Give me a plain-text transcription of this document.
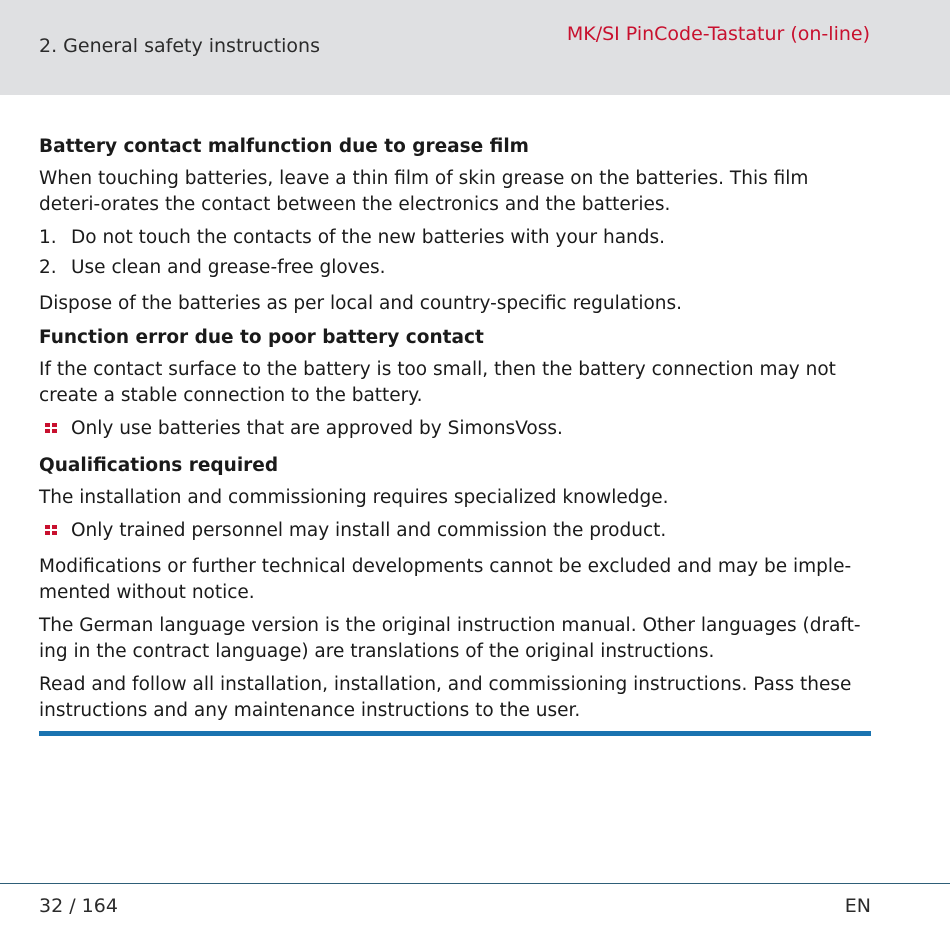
2. General safety instructions
MK/SI PinCode-Tastatur (on-line)
Battery contact malfunction due to grease film
When touching batteries, leave a thin film of skin grease on the batteries. This film deteri-orates the contact between the electronics and the batteries.
1. Do not touch the contacts of the new batteries with your hands.
2. Use clean and grease-free gloves.
Dispose of the batteries as per local and country-specific regulations.
Function error due to poor battery contact
If the contact surface to the battery is too small, then the battery connection may not create a stable connection to the battery.
Only use batteries that are approved by SimonsVoss.
Qualifications required
The installation and commissioning requires specialized knowledge.
Only trained personnel may install and commission the product.
Modifications or further technical developments cannot be excluded and may be imple-mented without notice.
The German language version is the original instruction manual. Other languages (draft-ing in the contract language) are translations of the original instructions.
Read and follow all installation, installation, and commissioning instructions. Pass these instructions and any maintenance instructions to the user.
32 / 164	EN
